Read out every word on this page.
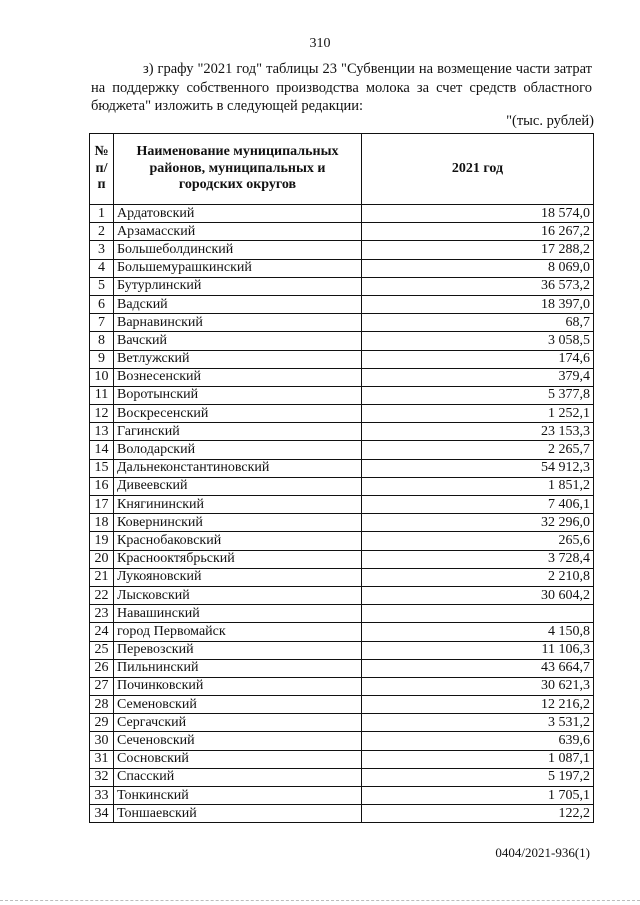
310
з) графу "2021 год" таблицы 23 "Субвенции на возмещение части затрат на поддержку собственного производства молока за счет средств областного бюджета" изложить в следующей редакции:
"(тыс. рублей)
№ п/п	Наименование муниципальных районов, муниципальных и городских округов	2021 год
1	Ардатовский	18 574,0
2	Арзамасский	16 267,2
3	Большеболдинский	17 288,2
4	Большемурашкинский	8 069,0
5	Бутурлинский	36 573,2
6	Вадский	18 397,0
7	Варнавинский	68,7
8	Вачский	3 058,5
9	Ветлужский	174,6
10	Вознесенский	379,4
11	Воротынский	5 377,8
12	Воскресенский	1 252,1
13	Гагинский	23 153,3
14	Володарский	2 265,7
15	Дальнеконстантиновский	54 912,3
16	Дивеевский	1 851,2
17	Княгининский	7 406,1
18	Ковернинский	32 296,0
19	Краснобаковский	265,6
20	Краснооктябрьский	3 728,4
21	Лукояновский	2 210,8
22	Лысковский	30 604,2
23	Навашинский	
24	город Первомайск	4 150,8
25	Перевозский	11 106,3
26	Пильнинский	43 664,7
27	Починковский	30 621,3
28	Семеновский	12 216,2
29	Сергачский	3 531,2
30	Сеченовский	639,6
31	Сосновский	1 087,1
32	Спасский	5 197,2
33	Тонкинский	1 705,1
34	Тоншаевский	122,2
0404/2021-936(1)
